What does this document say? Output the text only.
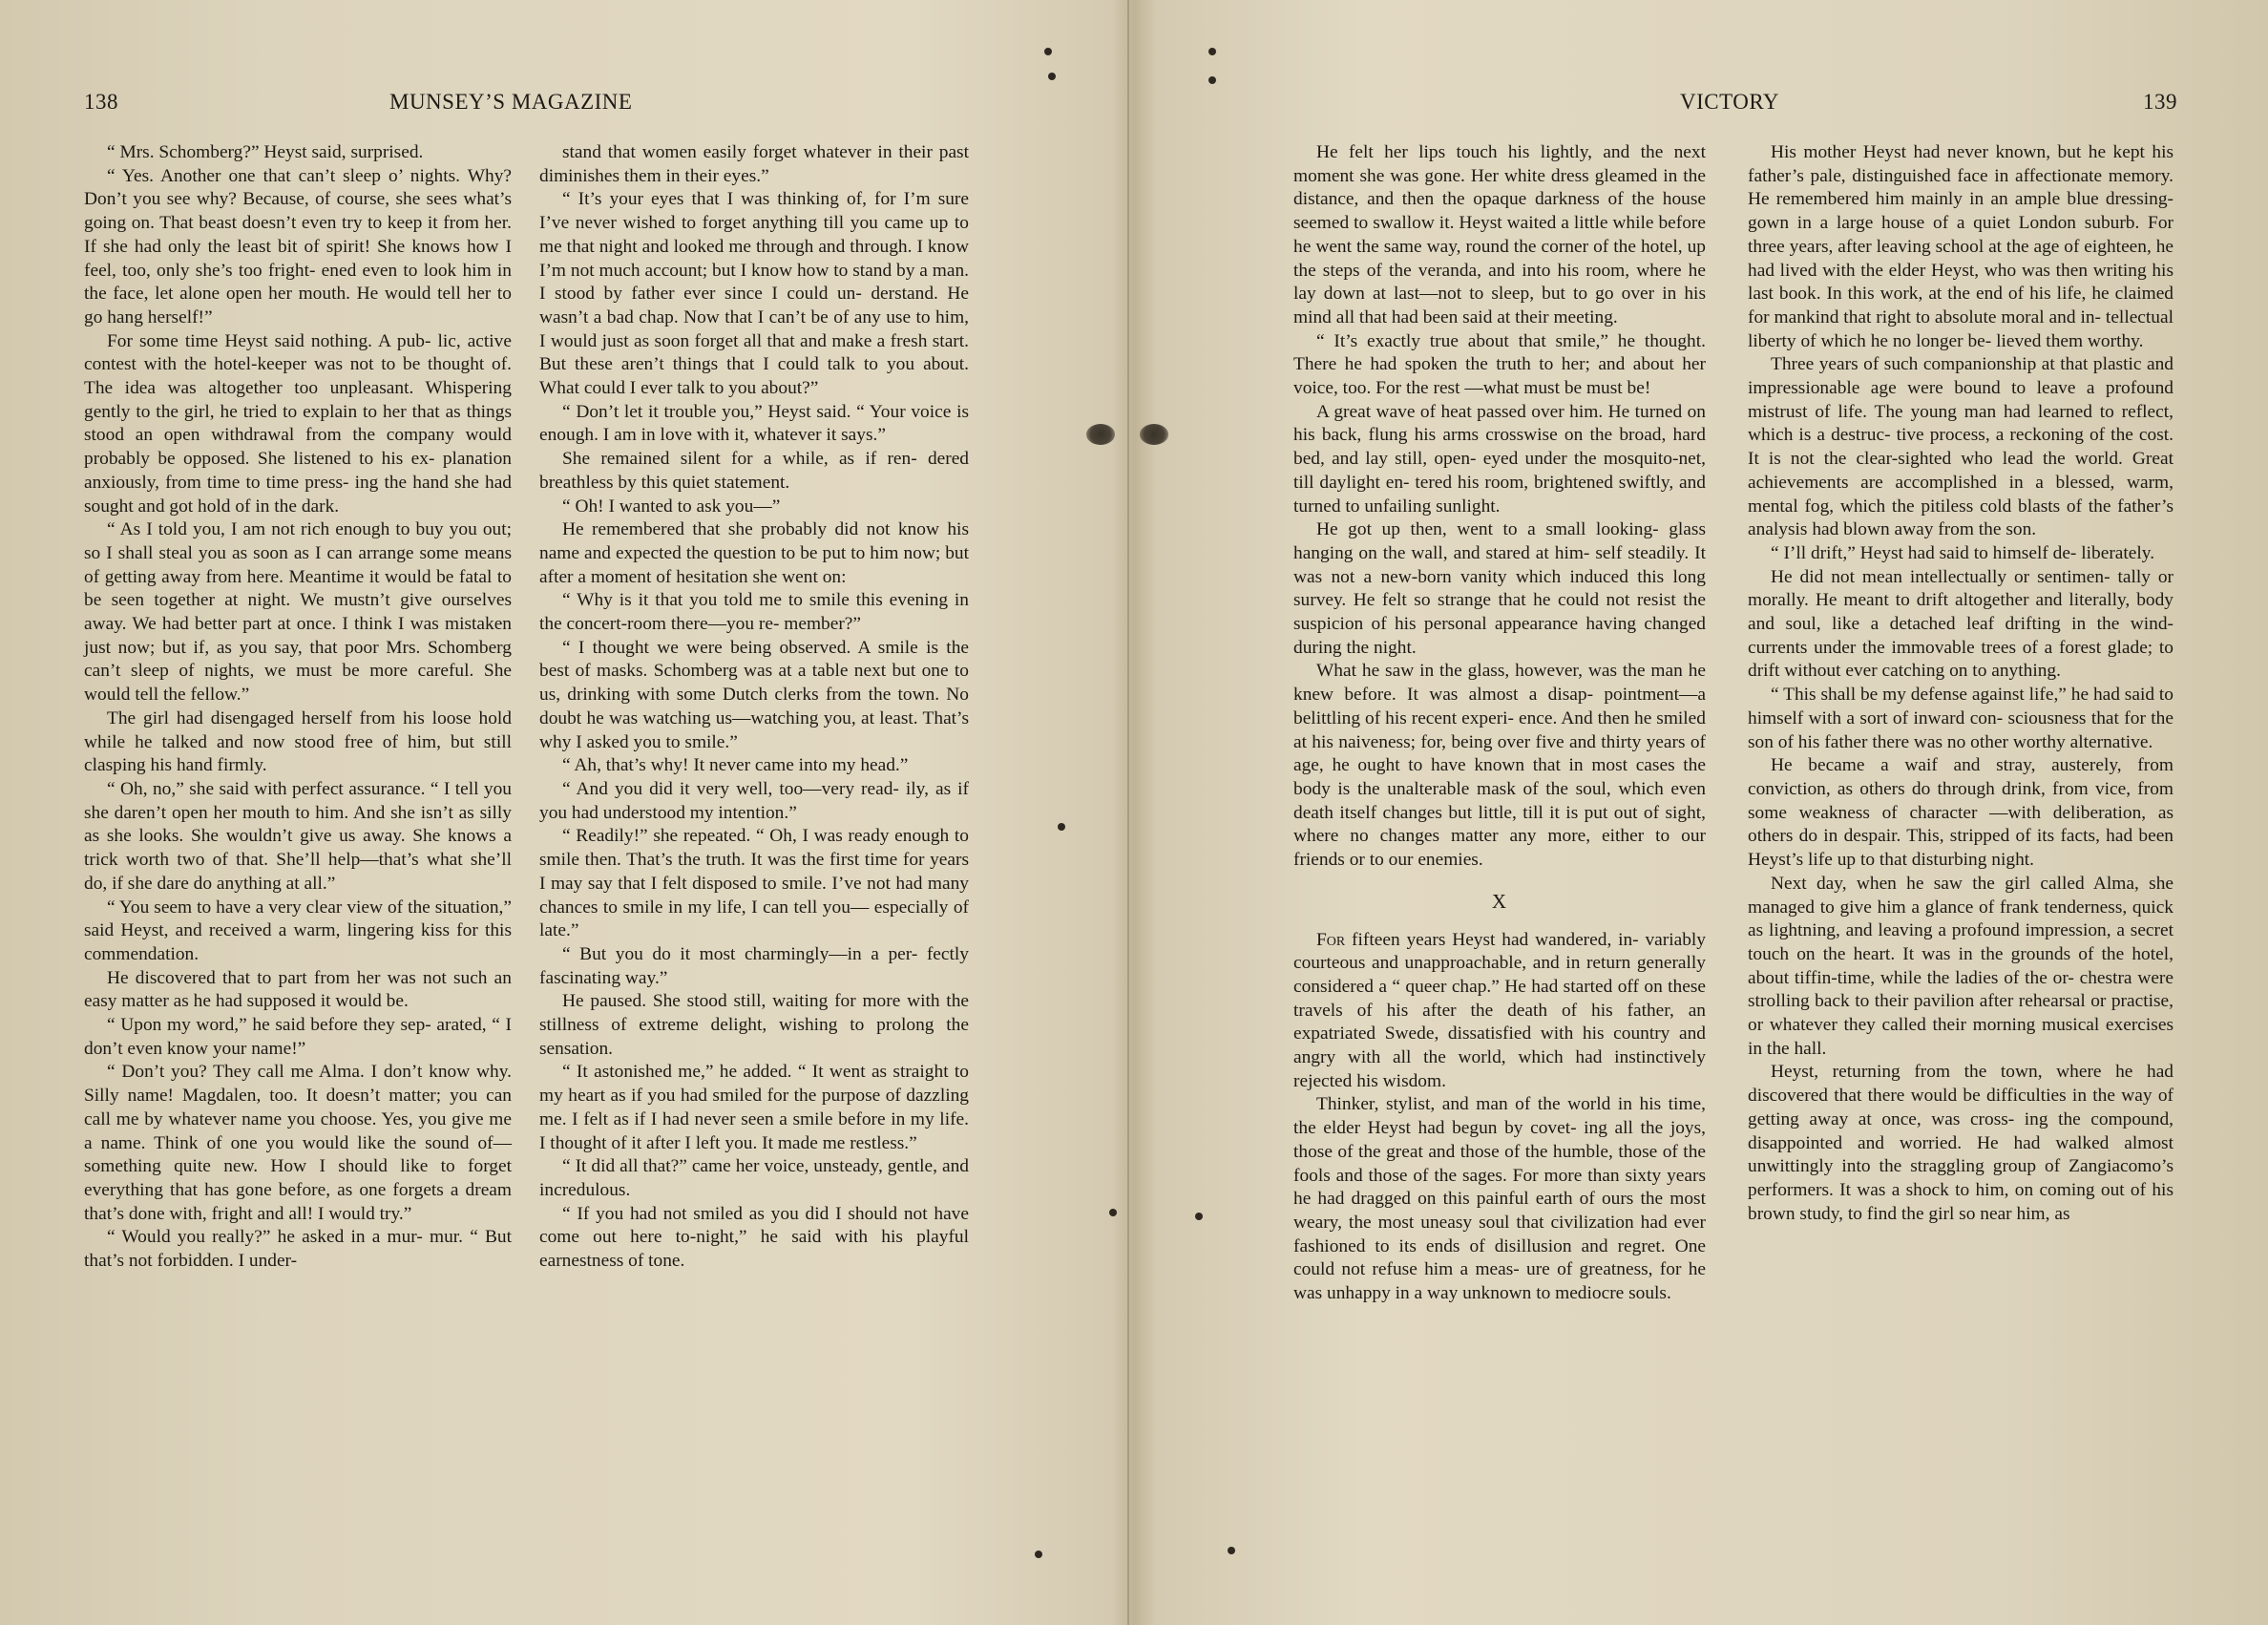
138	MUNSEY’S MAGAZINE

“ Mrs. Schomberg?” Heyst said, surprised.

“ Yes. Another one that can’t sleep o’ nights. Why? Don’t you see why? Because, of course, she sees what’s going on. That beast doesn’t even try to keep it from her. If she had only the least bit of spirit! She knows how I feel, too, only she’s too fright- ened even to look him in the face, let alone open her mouth. He would tell her to go hang herself!”

For some time Heyst said nothing. A pub- lic, active contest with the hotel-keeper was not to be thought of. The idea was altogether too unpleasant. Whispering gently to the girl, he tried to explain to her that as things stood an open withdrawal from the company would probably be opposed. She listened to his ex- planation anxiously, from time to time press- ing the hand she had sought and got hold of in the dark.

“ As I told you, I am not rich enough to buy you out; so I shall steal you as soon as I can arrange some means of getting away from here. Meantime it would be fatal to be seen together at night. We mustn’t give ourselves away. We had better part at once. I think I was mistaken just now; but if, as you say, that poor Mrs. Schomberg can’t sleep of nights, we must be more careful. She would tell the fellow.”

The girl had disengaged herself from his loose hold while he talked and now stood free of him, but still clasping his hand firmly.

“ Oh, no,” she said with perfect assurance. “ I tell you she daren’t open her mouth to him. And she isn’t as silly as she looks. She wouldn’t give us away. She knows a trick worth two of that. She’ll help—that’s what she’ll do, if she dare do anything at all.”

“ You seem to have a very clear view of the situation,” said Heyst, and received a warm, lingering kiss for this commendation.

He discovered that to part from her was not such an easy matter as he had supposed it would be.

“ Upon my word,” he said before they sep- arated, “ I don’t even know your name!”

“ Don’t you? They call me Alma. I don’t know why. Silly name! Magdalen, too. It doesn’t matter; you can call me by whatever name you choose. Yes, you give me a name. Think of one you would like the sound of— something quite new. How I should like to forget everything that has gone before, as one forgets a dream that’s done with, fright and all! I would try.”

“ Would you really?” he asked in a mur- mur. “ But that’s not forbidden. I under-

stand that women easily forget whatever in their past diminishes them in their eyes.”

“ It’s your eyes that I was thinking of, for I’m sure I’ve never wished to forget anything till you came up to me that night and looked me through and through. I know I’m not much account; but I know how to stand by a man. I stood by father ever since I could un- derstand. He wasn’t a bad chap. Now that I can’t be of any use to him, I would just as soon forget all that and make a fresh start. But these aren’t things that I could talk to you about. What could I ever talk to you about?”

“ Don’t let it trouble you,” Heyst said. “ Your voice is enough. I am in love with it, whatever it says.”

She remained silent for a while, as if ren- dered breathless by this quiet statement.

“ Oh! I wanted to ask you—”

He remembered that she probably did not know his name and expected the question to be put to him now; but after a moment of hesitation she went on:

“ Why is it that you told me to smile this evening in the concert-room there—you re- member?”

“ I thought we were being observed. A smile is the best of masks. Schomberg was at a table next but one to us, drinking with some Dutch clerks from the town. No doubt he was watching us—watching you, at least. That’s why I asked you to smile.”

“ Ah, that’s why! It never came into my head.”

“ And you did it very well, too—very read- ily, as if you had understood my intention.”

“ Readily!” she repeated. “ Oh, I was ready enough to smile then. That’s the truth. It was the first time for years I may say that I felt disposed to smile. I’ve not had many chances to smile in my life, I can tell you— especially of late.”

“ But you do it most charmingly—in a per- fectly fascinating way.”

He paused. She stood still, waiting for more with the stillness of extreme delight, wishing to prolong the sensation.

“ It astonished me,” he added. “ It went as straight to my heart as if you had smiled for the purpose of dazzling me. I felt as if I had never seen a smile before in my life. I thought of it after I left you. It made me restless.”

“ It did all that?” came her voice, unsteady, gentle, and incredulous.

“ If you had not smiled as you did I should not have come out here to-night,” he said with his playful earnestness of tone.

VICTORY	139

He felt her lips touch his lightly, and the next moment she was gone. Her white dress gleamed in the distance, and then the opaque darkness of the house seemed to swallow it. Heyst waited a little while before he went the same way, round the corner of the hotel, up the steps of the veranda, and into his room, where he lay down at last—not to sleep, but to go over in his mind all that had been said at their meeting.

“ It’s exactly true about that smile,” he thought. There he had spoken the truth to her; and about her voice, too. For the rest —what must be must be!

A great wave of heat passed over him. He turned on his back, flung his arms crosswise on the broad, hard bed, and lay still, open- eyed under the mosquito-net, till daylight en- tered his room, brightened swiftly, and turned to unfailing sunlight.

He got up then, went to a small looking- glass hanging on the wall, and stared at him- self steadily. It was not a new-born vanity which induced this long survey. He felt so strange that he could not resist the suspicion of his personal appearance having changed during the night.

What he saw in the glass, however, was the man he knew before. It was almost a disap- pointment—a belittling of his recent experi- ence. And then he smiled at his naiveness; for, being over five and thirty years of age, he ought to have known that in most cases the body is the unalterable mask of the soul, which even death itself changes but little, till it is put out of sight, where no changes matter any more, either to our friends or to our enemies.

X

For fifteen years Heyst had wandered, in- variably courteous and unapproachable, and in return generally considered a “ queer chap.” He had started off on these travels of his after the death of his father, an expatriated Swede, dissatisfied with his country and angry with all the world, which had instinctively rejected his wisdom.

Thinker, stylist, and man of the world in his time, the elder Heyst had begun by covet- ing all the joys, those of the great and those of the humble, those of the fools and those of the sages. For more than sixty years he had dragged on this painful earth of ours the most weary, the most uneasy soul that civilization had ever fashioned to its ends of disillusion and regret. One could not refuse him a meas- ure of greatness, for he was unhappy in a way unknown to mediocre souls.

His mother Heyst had never known, but he kept his father’s pale, distinguished face in affectionate memory. He remembered him mainly in an ample blue dressing-gown in a large house of a quiet London suburb. For three years, after leaving school at the age of eighteen, he had lived with the elder Heyst, who was then writing his last book. In this work, at the end of his life, he claimed for mankind that right to absolute moral and in- tellectual liberty of which he no longer be- lieved them worthy.

Three years of such companionship at that plastic and impressionable age were bound to leave a profound mistrust of life. The young man had learned to reflect, which is a destruc- tive process, a reckoning of the cost. It is not the clear-sighted who lead the world. Great achievements are accomplished in a blessed, warm, mental fog, which the pitiless cold blasts of the father’s analysis had blown away from the son.

“ I’ll drift,” Heyst had said to himself de- liberately.

He did not mean intellectually or sentimen- tally or morally. He meant to drift altogether and literally, body and soul, like a detached leaf drifting in the wind-currents under the immovable trees of a forest glade; to drift without ever catching on to anything.

“ This shall be my defense against life,” he had said to himself with a sort of inward con- sciousness that for the son of his father there was no other worthy alternative.

He became a waif and stray, austerely, from conviction, as others do through drink, from vice, from some weakness of character —with deliberation, as others do in despair. This, stripped of its facts, had been Heyst’s life up to that disturbing night.

Next day, when he saw the girl called Alma, she managed to give him a glance of frank tenderness, quick as lightning, and leaving a profound impression, a secret touch on the heart. It was in the grounds of the hotel, about tiffin-time, while the ladies of the or- chestra were strolling back to their pavilion after rehearsal or practise, or whatever they called their morning musical exercises in the hall.

Heyst, returning from the town, where he had discovered that there would be difficulties in the way of getting away at once, was cross- ing the compound, disappointed and worried. He had walked almost unwittingly into the straggling group of Zangiacomo’s performers. It was a shock to him, on coming out of his brown study, to find the girl so near him, as
